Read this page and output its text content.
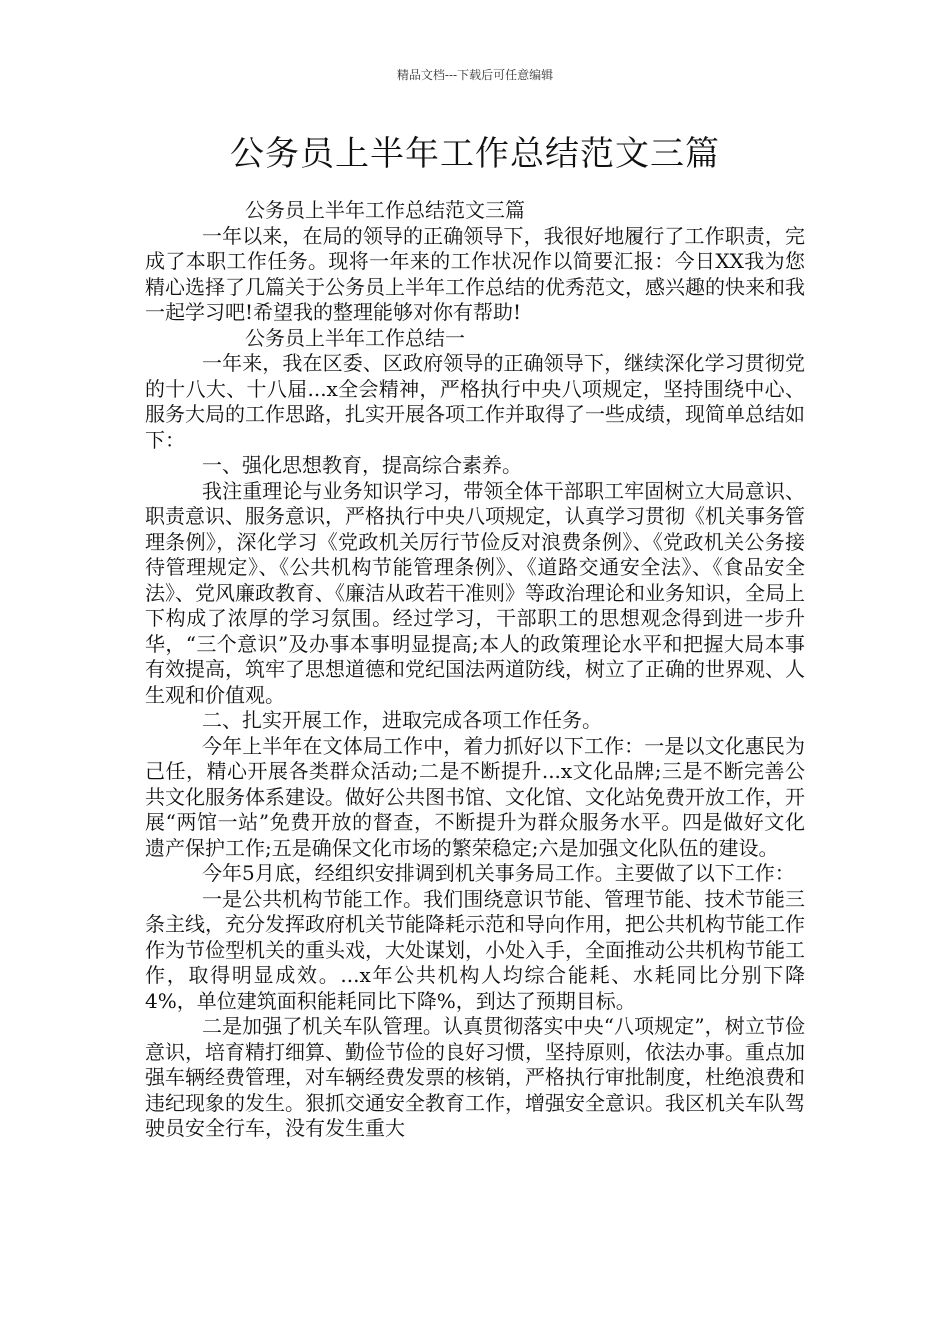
精品文档---下载后可任意编辑
公务员上半年工作总结范文三篇

公务员上半年工作总结范文三篇

一年以来，在局的领导的正确领导下，我很好地履行了工作职责，完成了本职工作任务。现将一年来的工作状况作以简要汇报：今日XX我为您精心选择了几篇关于公务员上半年工作总结的优秀范文，感兴趣的快来和我一起学习吧!希望我的整理能够对你有帮助!

公务员上半年工作总结一

一年来，我在区委、区政府领导的正确领导下，继续深化学习贯彻党的十八大、十八届...x全会精神，严格执行中央八项规定，坚持围绕中心、服务大局的工作思路，扎实开展各项工作并取得了一些成绩，现简单总结如下：

一、强化思想教育，提高综合素养。

我注重理论与业务知识学习，带领全体干部职工牢固树立大局意识、职责意识、服务意识，严格执行中央八项规定，认真学习贯彻《机关事务管理条例》，深化学习《党政机关厉行节俭反对浪费条例》、《党政机关公务接待管理规定》、《公共机构节能管理条例》、《道路交通安全法》、《食品安全法》、党风廉政教育、《廉洁从政若干准则》等政治理论和业务知识，全局上下构成了浓厚的学习氛围。经过学习，干部职工的思想观念得到进一步升华，“三个意识”及办事本事明显提高;本人的政策理论水平和把握大局本事有效提高，筑牢了思想道德和党纪国法两道防线，树立了正确的世界观、人生观和价值观。

二、扎实开展工作，进取完成各项工作任务。

今年上半年在文体局工作中，着力抓好以下工作：一是以文化惠民为己任，精心开展各类群众活动;二是不断提升...x文化品牌;三是不断完善公共文化服务体系建设。做好公共图书馆、文化馆、文化站免费开放工作，开展“两馆一站”免费开放的督查，不断提升为群众服务水平。四是做好文化遗产保护工作;五是确保文化市场的繁荣稳定;六是加强文化队伍的建设。

今年5月底，经组织安排调到机关事务局工作。主要做了以下工作：

一是公共机构节能工作。我们围绕意识节能、管理节能、技术节能三条主线，充分发挥政府机关节能降耗示范和导向作用，把公共机构节能工作作为节俭型机关的重头戏，大处谋划，小处入手，全面推动公共机构节能工作，取得明显成效。...x年公共机构人均综合能耗、水耗同比分别下降4%，单位建筑面积能耗同比下降%，到达了预期目标。

二是加强了机关车队管理。认真贯彻落实中央“八项规定”，树立节俭意识，培育精打细算、勤俭节俭的良好习惯，坚持原则，依法办事。重点加强车辆经费管理，对车辆经费发票的核销，严格执行审批制度，杜绝浪费和违纪现象的发生。狠抓交通安全教育工作，增强安全意识。我区机关车队驾驶员安全行车，没有发生重大
